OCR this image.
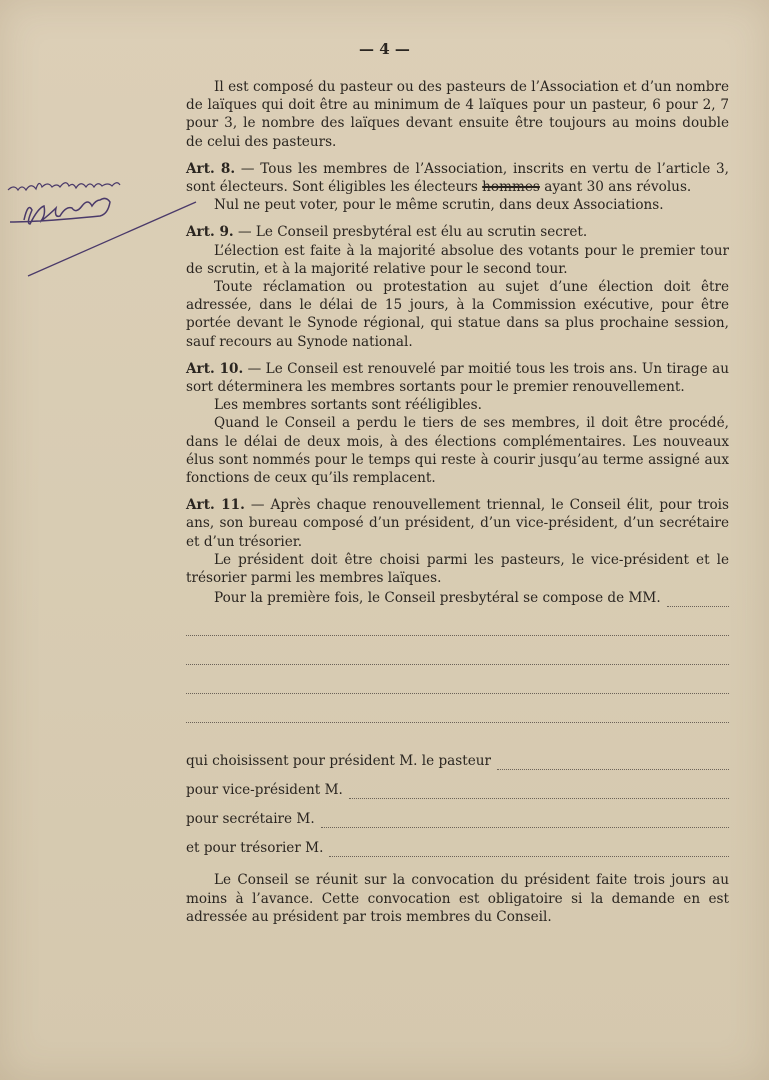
— 4 —

Il est composé du pasteur ou des pasteurs de l’Association et d’un nombre de laïques qui doit être au minimum de 4 laïques pour un pasteur, 6 pour 2, 7 pour 3, le nombre des laïques devant ensuite être toujours au moins double de celui des pasteurs.

Art. 8. — Tous les membres de l’Association, inscrits en vertu de l’article 3, sont électeurs. Sont éligibles les électeurs hommes ayant 30 ans révolus.

Nul ne peut voter, pour le même scrutin, dans deux Associations.

Art. 9. — Le Conseil presbytéral est élu au scrutin secret.

L’élection est faite à la majorité absolue des votants pour le premier tour de scrutin, et à la majorité relative pour le second tour.

Toute réclamation ou protestation au sujet d’une élection doit être adressée, dans le délai de 15 jours, à la Commission exécutive, pour être portée devant le Synode régional, qui statue dans sa plus prochaine session, sauf recours au Synode national.

Art. 10. — Le Conseil est renouvelé par moitié tous les trois ans. Un tirage au sort déterminera les membres sortants pour le premier renouvellement.

Les membres sortants sont rééligibles.

Quand le Conseil a perdu le tiers de ses membres, il doit être procédé, dans le délai de deux mois, à des élections complémentaires. Les nouveaux élus sont nommés pour le temps qui reste à courir jusqu’au terme assigné aux fonctions de ceux qu’ils remplacent.

Art. 11. — Après chaque renouvellement triennal, le Conseil élit, pour trois ans, son bureau composé d’un président, d’un vice-président, d’un secrétaire et d’un trésorier.

Le président doit être choisi parmi les pasteurs, le vice-président et le trésorier parmi les membres laïques.

Pour la première fois, le Conseil presbytéral se compose de MM.
qui choisissent pour président M. le pasteur
pour vice-président M.
pour secrétaire M.
et pour trésorier M.

Le Conseil se réunit sur la convocation du président faite trois jours au moins à l’avance. Cette convocation est obligatoire si la demande en est adressée au président par trois membres du Conseil.
